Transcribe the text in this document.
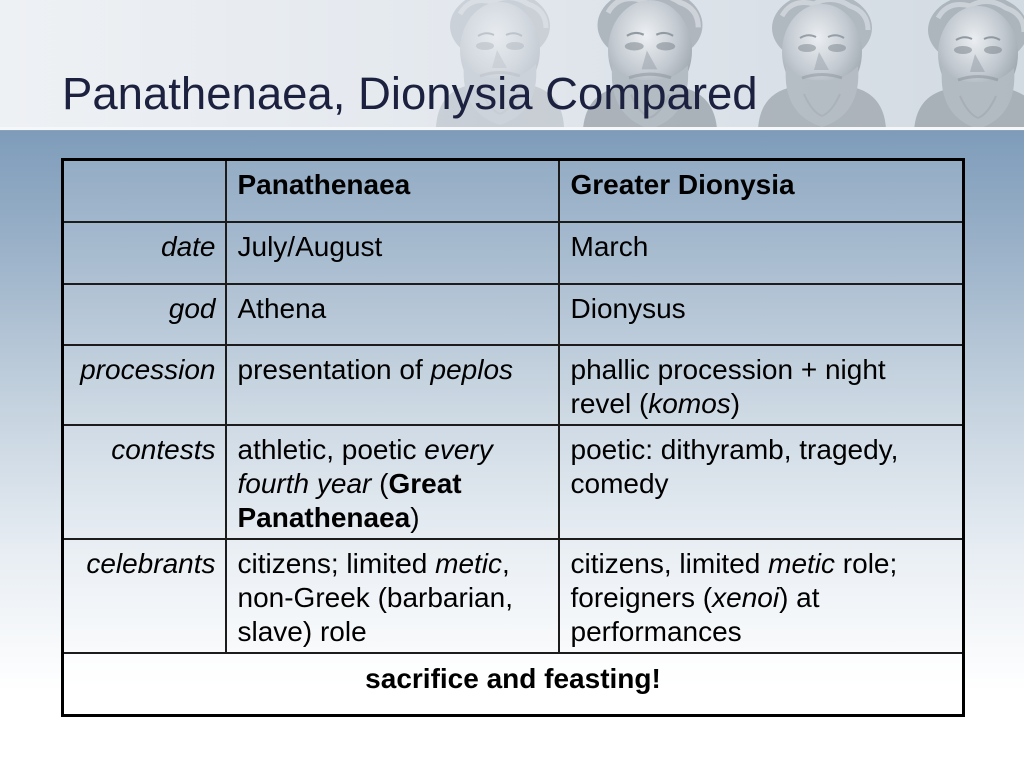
Panathenaea, Dionysia Compared
	Panathenaea	Greater Dionysia
date	July/August	March
god	Athena	Dionysus
procession	presentation of peplos	phallic procession + night revel (komos)
contests	athletic, poetic every fourth year (Great Panathenaea)	poetic: dithyramb, tragedy, comedy
celebrants	citizens; limited metic, non-Greek (barbarian, slave) role	citizens, limited metic role; foreigners (xenoi) at performances
sacrifice and feasting!		
